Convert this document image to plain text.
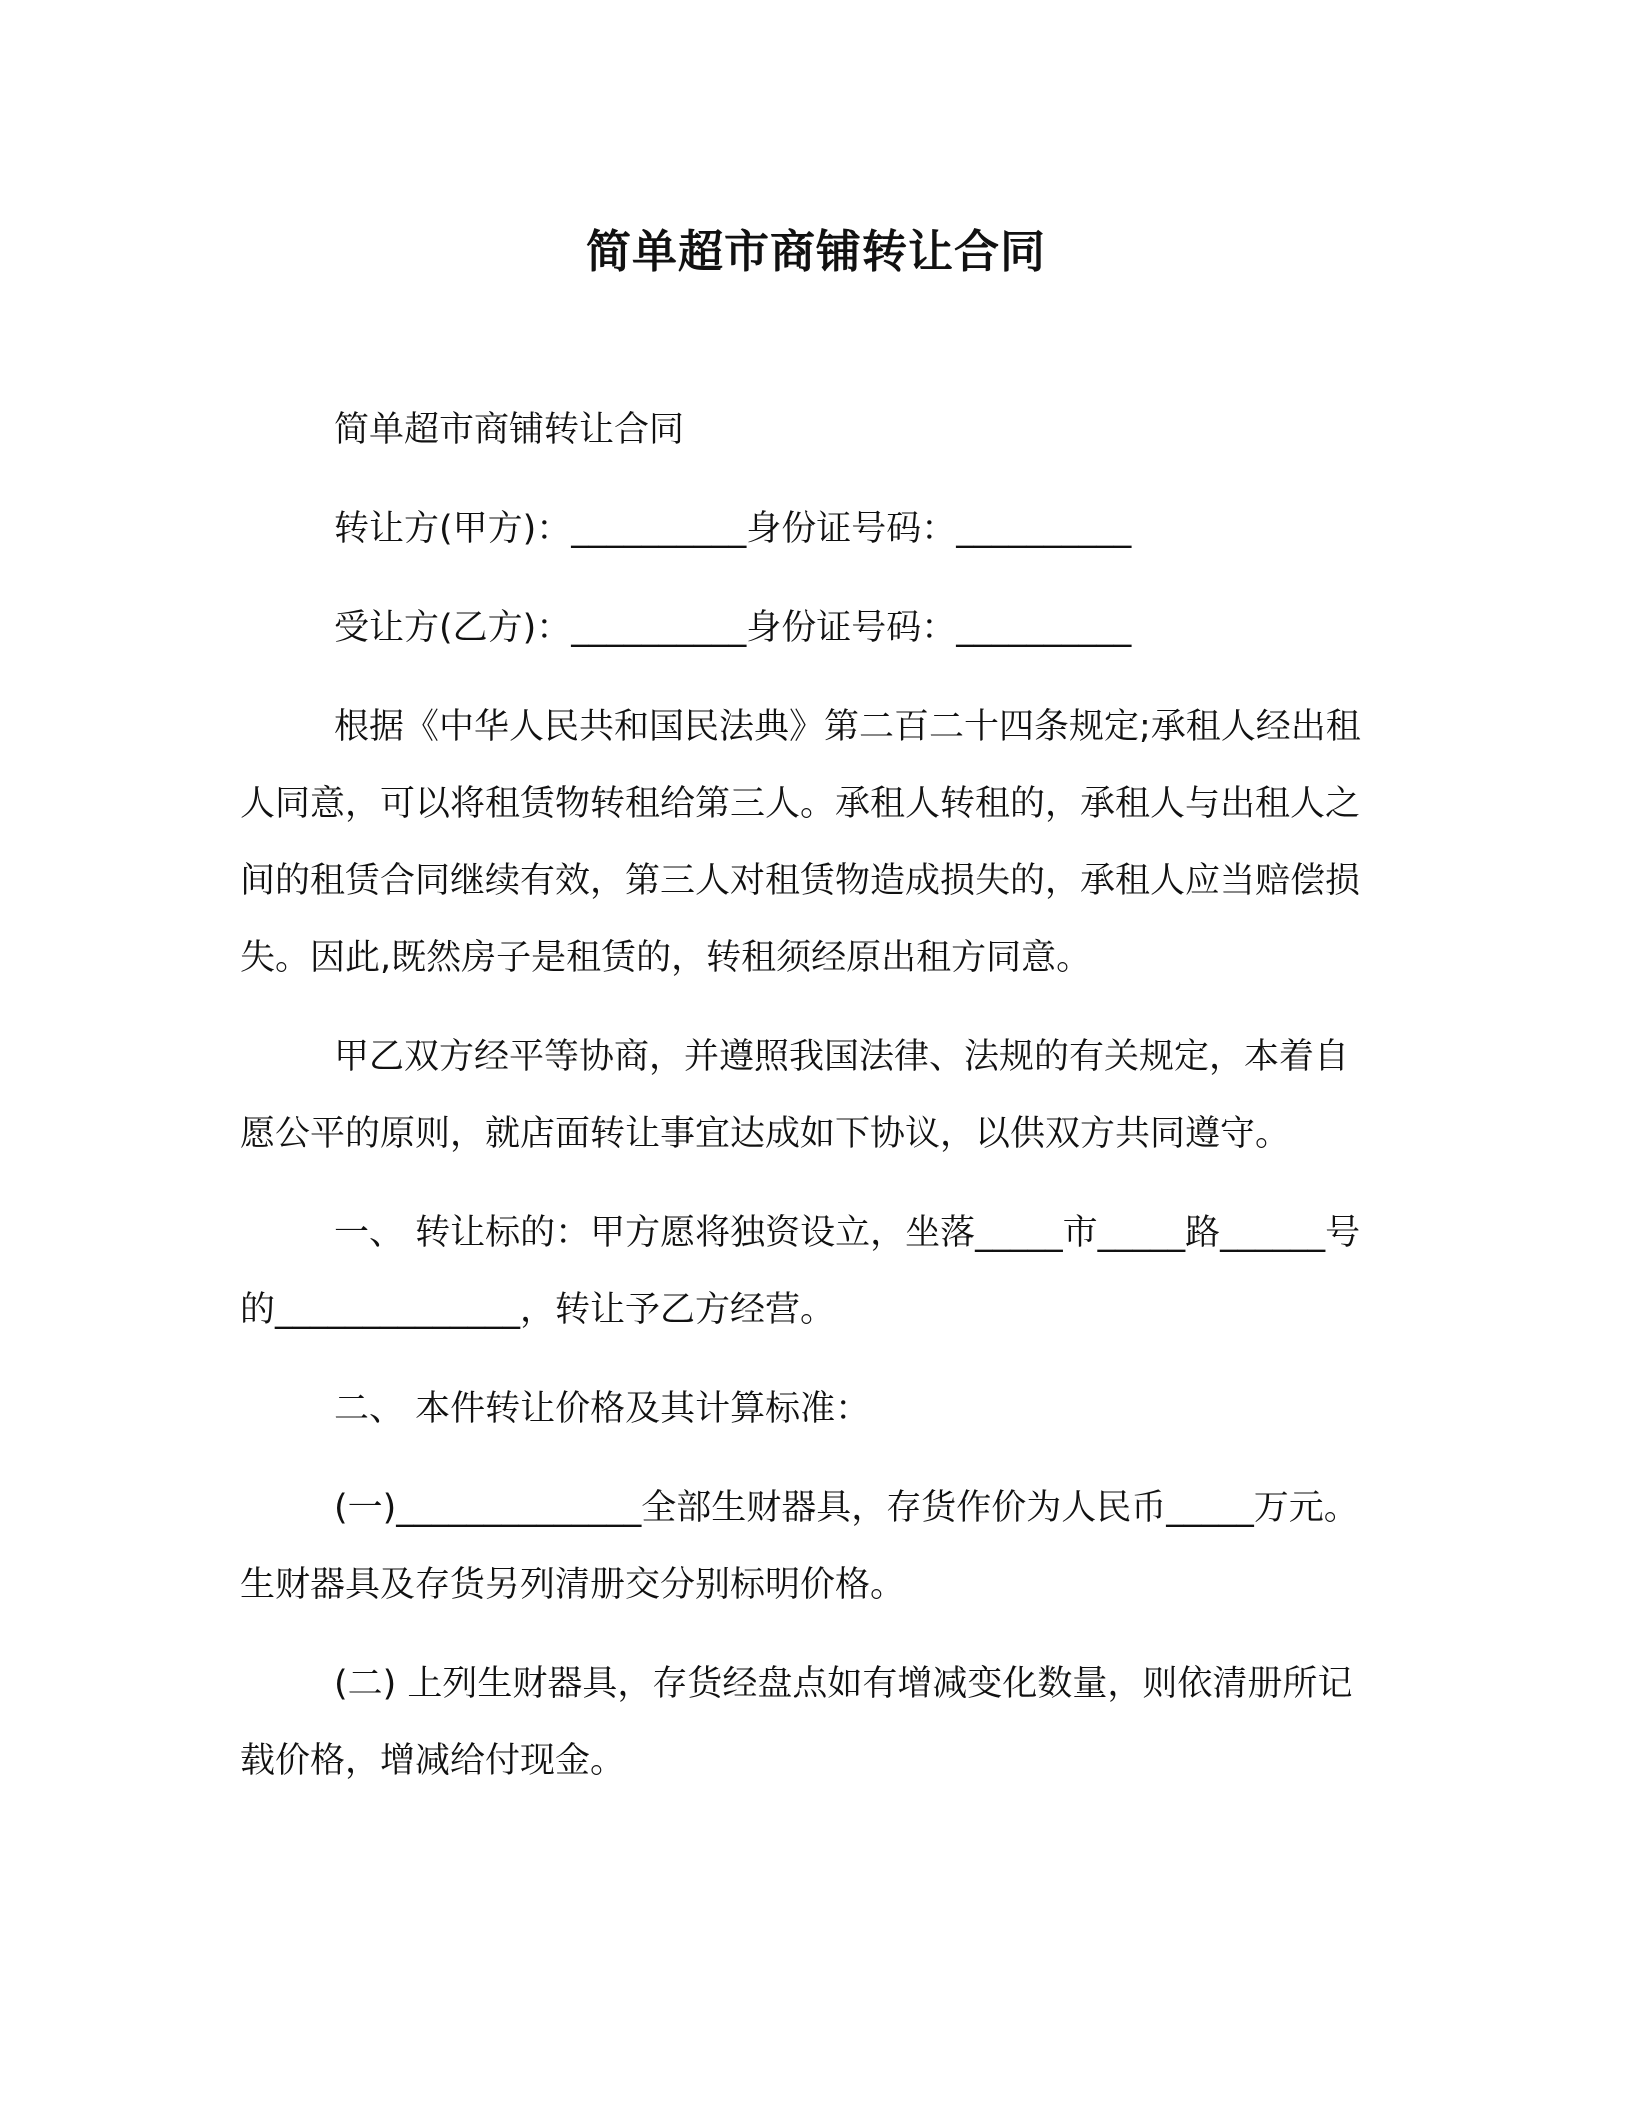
简单超市商铺转让合同

简单超市商铺转让合同

转让方(甲方)：__________身份证号码：__________

受让方(乙方)：__________身份证号码：__________

根据《中华人民共和国民法典》第二百二十四条规定;承租人经出租人同意，可以将租赁物转租给第三人。承租人转租的，承租人与出租人之间的租赁合同继续有效，第三人对租赁物造成损失的，承租人应当赔偿损失。因此,既然房子是租赁的，转租须经原出租方同意。

甲乙双方经平等协商，并遵照我国法律、法规的有关规定，本着自愿公平的原则，就店面转让事宜达成如下协议，以供双方共同遵守。

一、 转让标的：甲方愿将独资设立，坐落_____市_____路______号的______________，转让予乙方经营。

二、 本件转让价格及其计算标准：

(一)______________全部生财器具，存货作价为人民币_____万元。生财器具及存货另列清册交分别标明价格。

(二) 上列生财器具，存货经盘点如有增减变化数量，则依清册所记载价格，增减给付现金。
